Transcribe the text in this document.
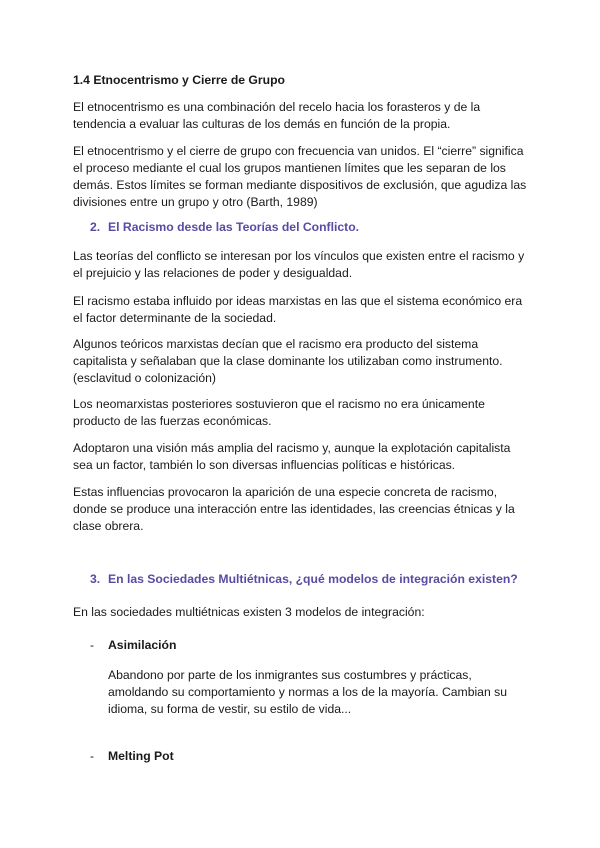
1.4 Etnocentrismo y Cierre de Grupo
El etnocentrismo es una combinación del recelo hacia los forasteros y de la
tendencia a evaluar las culturas de los demás en función de la propia.
El etnocentrismo y el cierre de grupo con frecuencia van unidos. El “cierre” significa
el proceso mediante el cual los grupos mantienen límites que les separan de los
demás. Estos límites se forman mediante dispositivos de exclusión, que agudiza las
divisiones entre un grupo y otro (Barth, 1989)
2. El Racismo desde las Teorías del Conflicto.
Las teorías del conflicto se interesan por los vínculos que existen entre el racismo y
el prejuicio y las relaciones de poder y desigualdad.
El racismo estaba influido por ideas marxistas en las que el sistema económico era
el factor determinante de la sociedad.
Algunos teóricos marxistas decían que el racismo era producto del sistema
capitalista y señalaban que la clase dominante los utilizaban como instrumento.
(esclavitud o colonización)
Los neomarxistas posteriores sostuvieron que el racismo no era únicamente
producto de las fuerzas económicas.
Adoptaron una visión más amplia del racismo y, aunque la explotación capitalista
sea un factor, también lo son diversas influencias políticas e históricas.
Estas influencias provocaron la aparición de una especie concreta de racismo,
donde se produce una interacción entre las identidades, las creencias étnicas y la
clase obrera.
3. En las Sociedades Multiétnicas, ¿qué modelos de integración existen?
En las sociedades multiétnicas existen 3 modelos de integración:
- Asimilación
Abandono por parte de los inmigrantes sus costumbres y prácticas,
amoldando su comportamiento y normas a los de la mayoría. Cambian su
idioma, su forma de vestir, su estilo de vida...
- Melting Pot
